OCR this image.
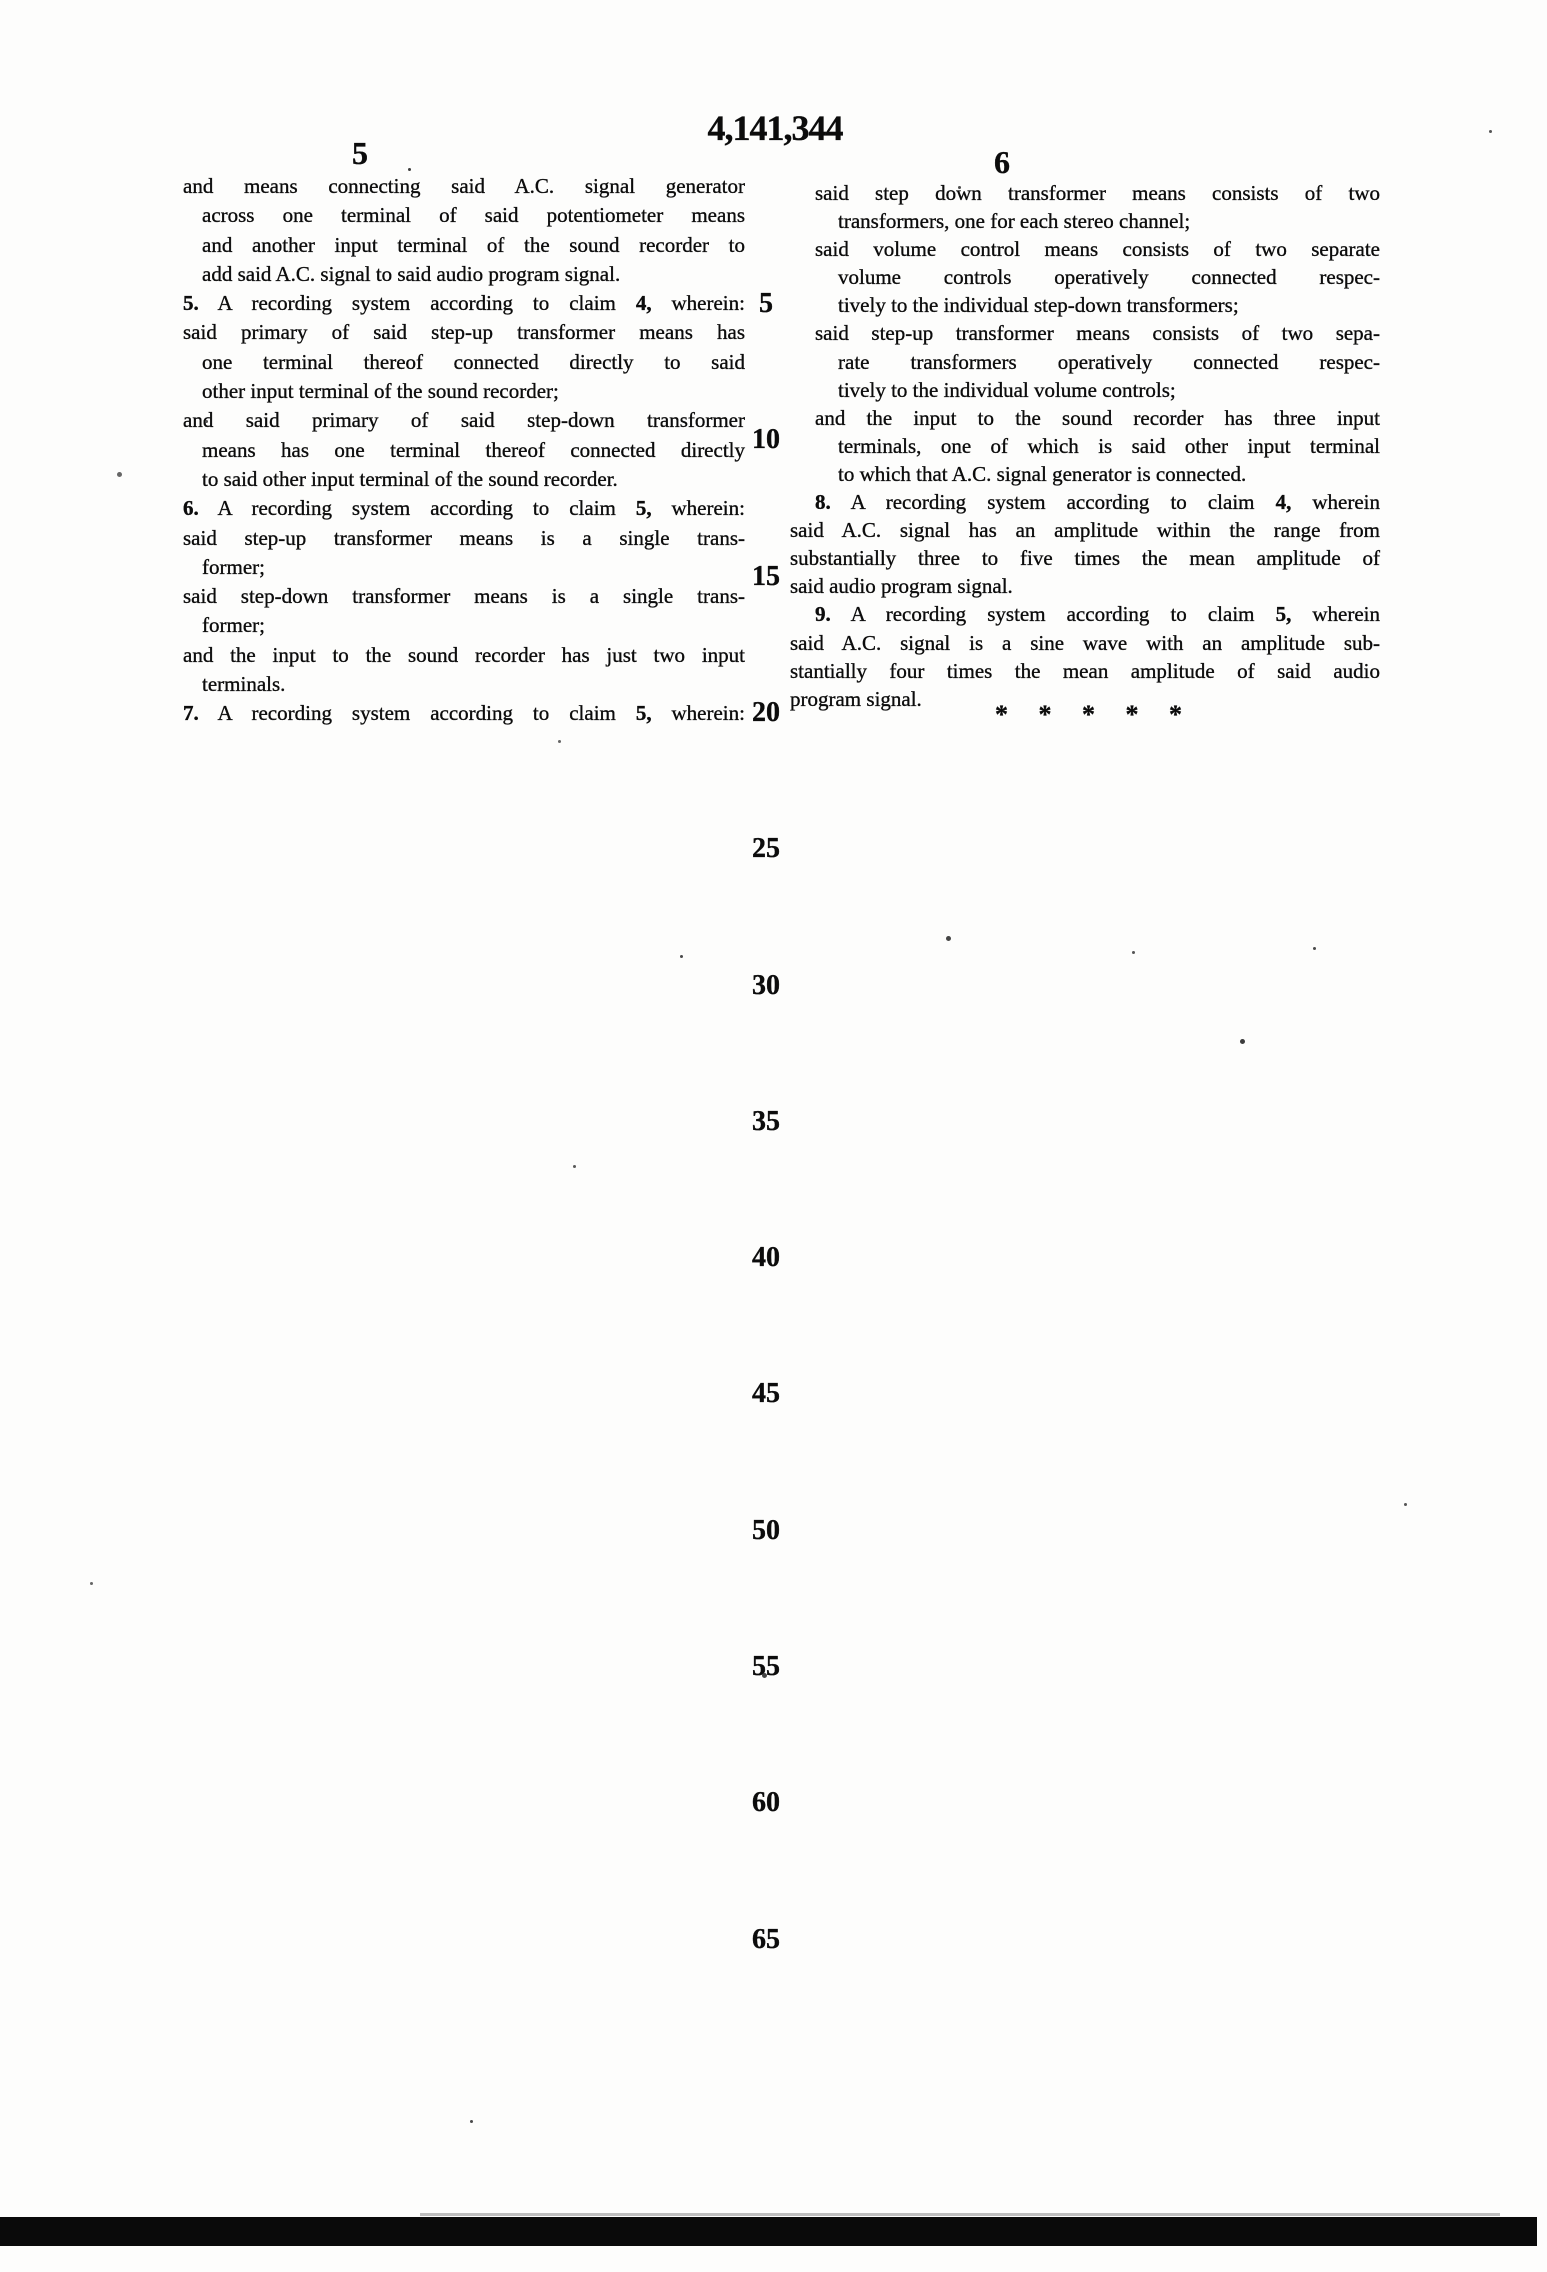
4,141,344
5	6
and means connecting said A.C. signal generator
across one terminal of said potentiometer means
and another input terminal of the sound recorder to
add said A.C. signal to said audio program signal.
5. A recording system according to claim 4, wherein:
said primary of said step-up transformer means has
one terminal thereof connected directly to said
other input terminal of the sound recorder;
and said primary of said step-down transformer
means has one terminal thereof connected directly
to said other input terminal of the sound recorder.
6. A recording system according to claim 5, wherein:
said step-up transformer means is a single trans-
former;
said step-down transformer means is a single trans-
former;
and the input to the sound recorder has just two input
terminals.
7. A recording system according to claim 5, wherein:
said step down transformer means consists of two
transformers, one for each stereo channel;
said volume control means consists of two separate
volume controls operatively connected respec-
tively to the individual step-down transformers;
said step-up transformer means consists of two sepa-
rate transformers operatively connected respec-
tively to the individual volume controls;
and the input to the sound recorder has three input
terminals, one of which is said other input terminal
to which that A.C. signal generator is connected.
8. A recording system according to claim 4, wherein
said A.C. signal has an amplitude within the range from
substantially three to five times the mean amplitude of
said audio program signal.
9. A recording system according to claim 5, wherein
said A.C. signal is a sine wave with an amplitude sub-
stantially four times the mean amplitude of said audio
program signal.
5
10
15
20
25
30
35
40
45
50
55
60
65
* * * * *
